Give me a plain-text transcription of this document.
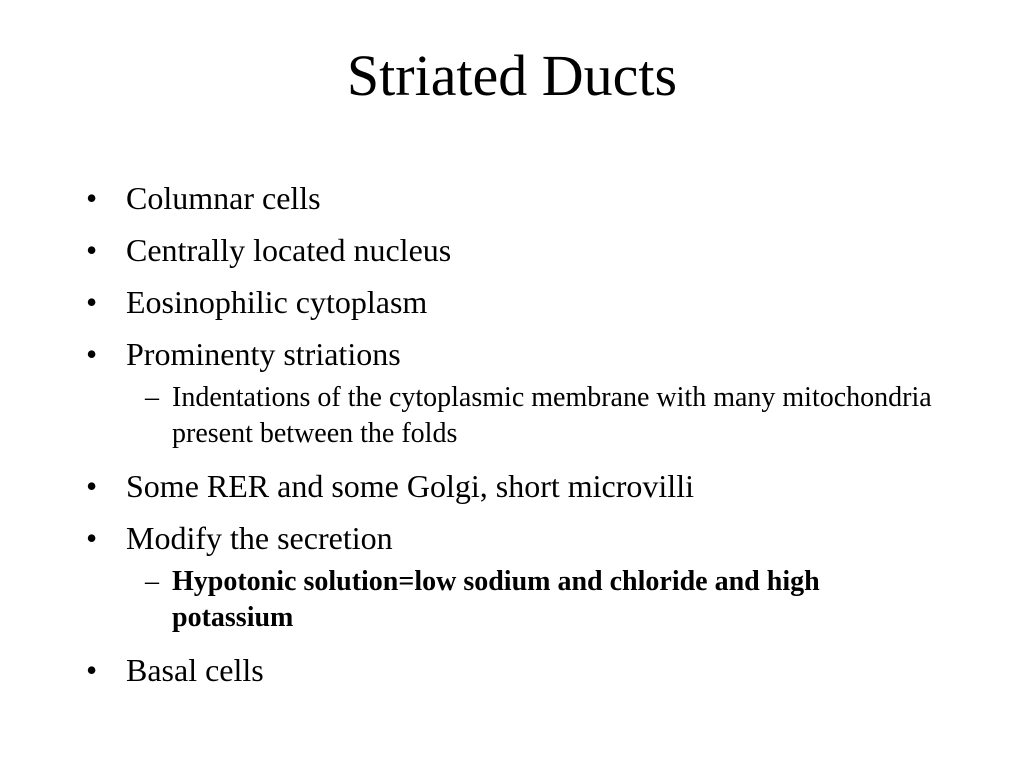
Striated Ducts
• Columnar cells
• Centrally located nucleus
• Eosinophilic cytoplasm
• Prominenty striations
– Indentations of the cytoplasmic membrane with many mitochondria present between the folds
• Some RER and some Golgi, short microvilli
• Modify the secretion
– Hypotonic solution=low sodium and chloride and high potassium
• Basal cells
